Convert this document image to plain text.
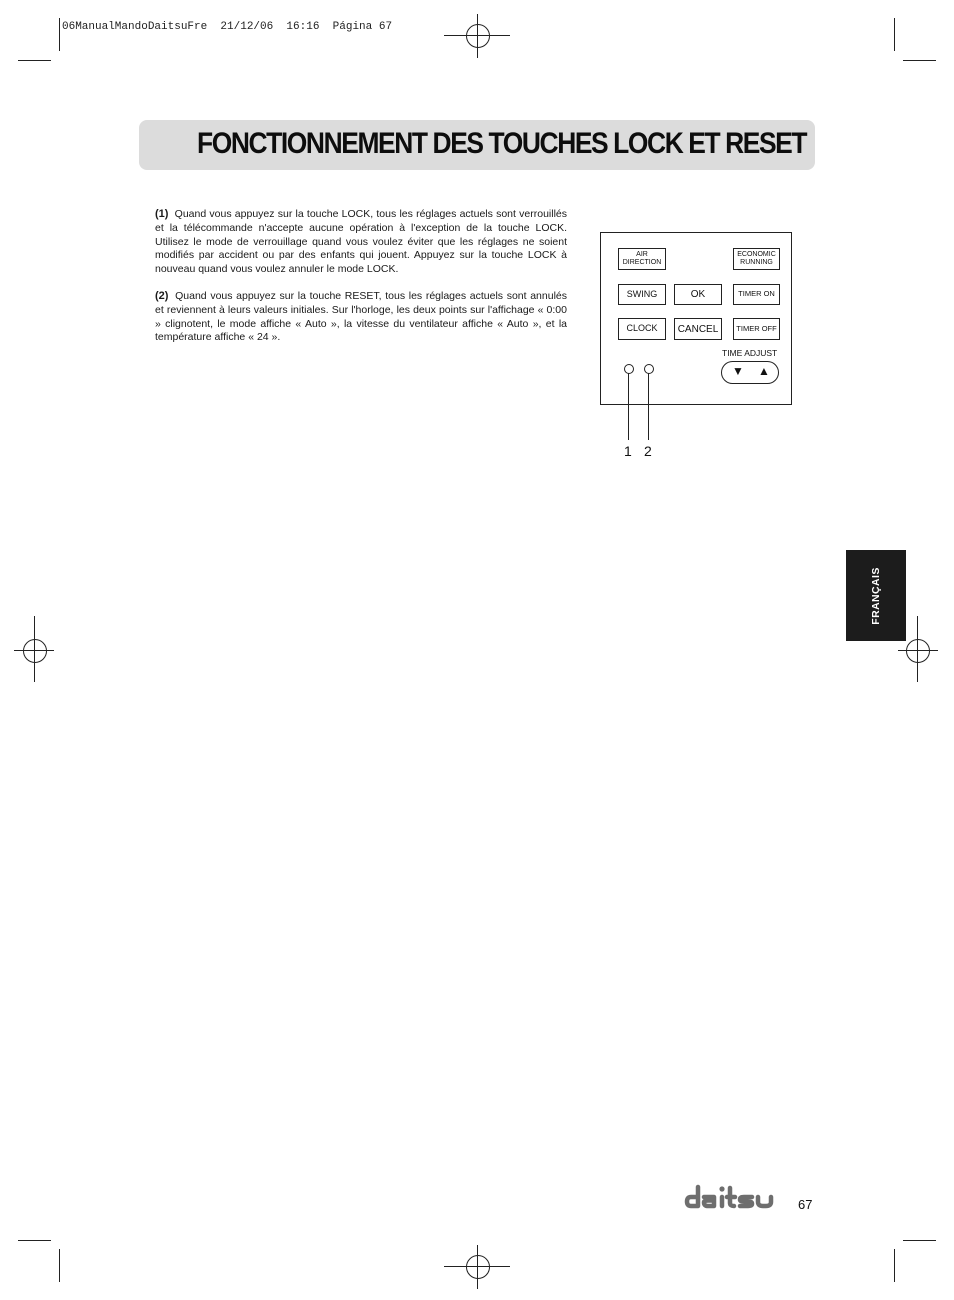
06ManualMandoDaitsuFre  21/12/06  16:16  Página 67
FONCTIONNEMENT DES TOUCHES LOCK ET RESET

(1) Quand vous appuyez sur la touche LOCK, tous les réglages actuels sont verrouillés et la télécommande n'accepte aucune opération à l'exception de la touche LOCK. Utilisez le mode de verrouillage quand vous voulez éviter que les réglages ne soient modifiés par accident ou par des enfants qui jouent. Appuyez sur la touche LOCK à nouveau quand vous voulez annuler le mode LOCK.

(2) Quand vous appuyez sur la touche RESET, tous les réglages actuels sont annulés et reviennent à leurs valeurs initiales. Sur l'horloge, les deux points sur l'affichage « 0:00 » clignotent, le mode affiche « Auto », la vitesse du ventilateur affiche « Auto », et la température affiche « 24 ».

AIR
DIRECTION
ECONOMIC
RUNNING
SWING	OK	TIMER ON
CLOCK	CANCEL	TIMER OFF
TIME ADJUST
▼ ▲
1 2
FRANÇAIS
67
